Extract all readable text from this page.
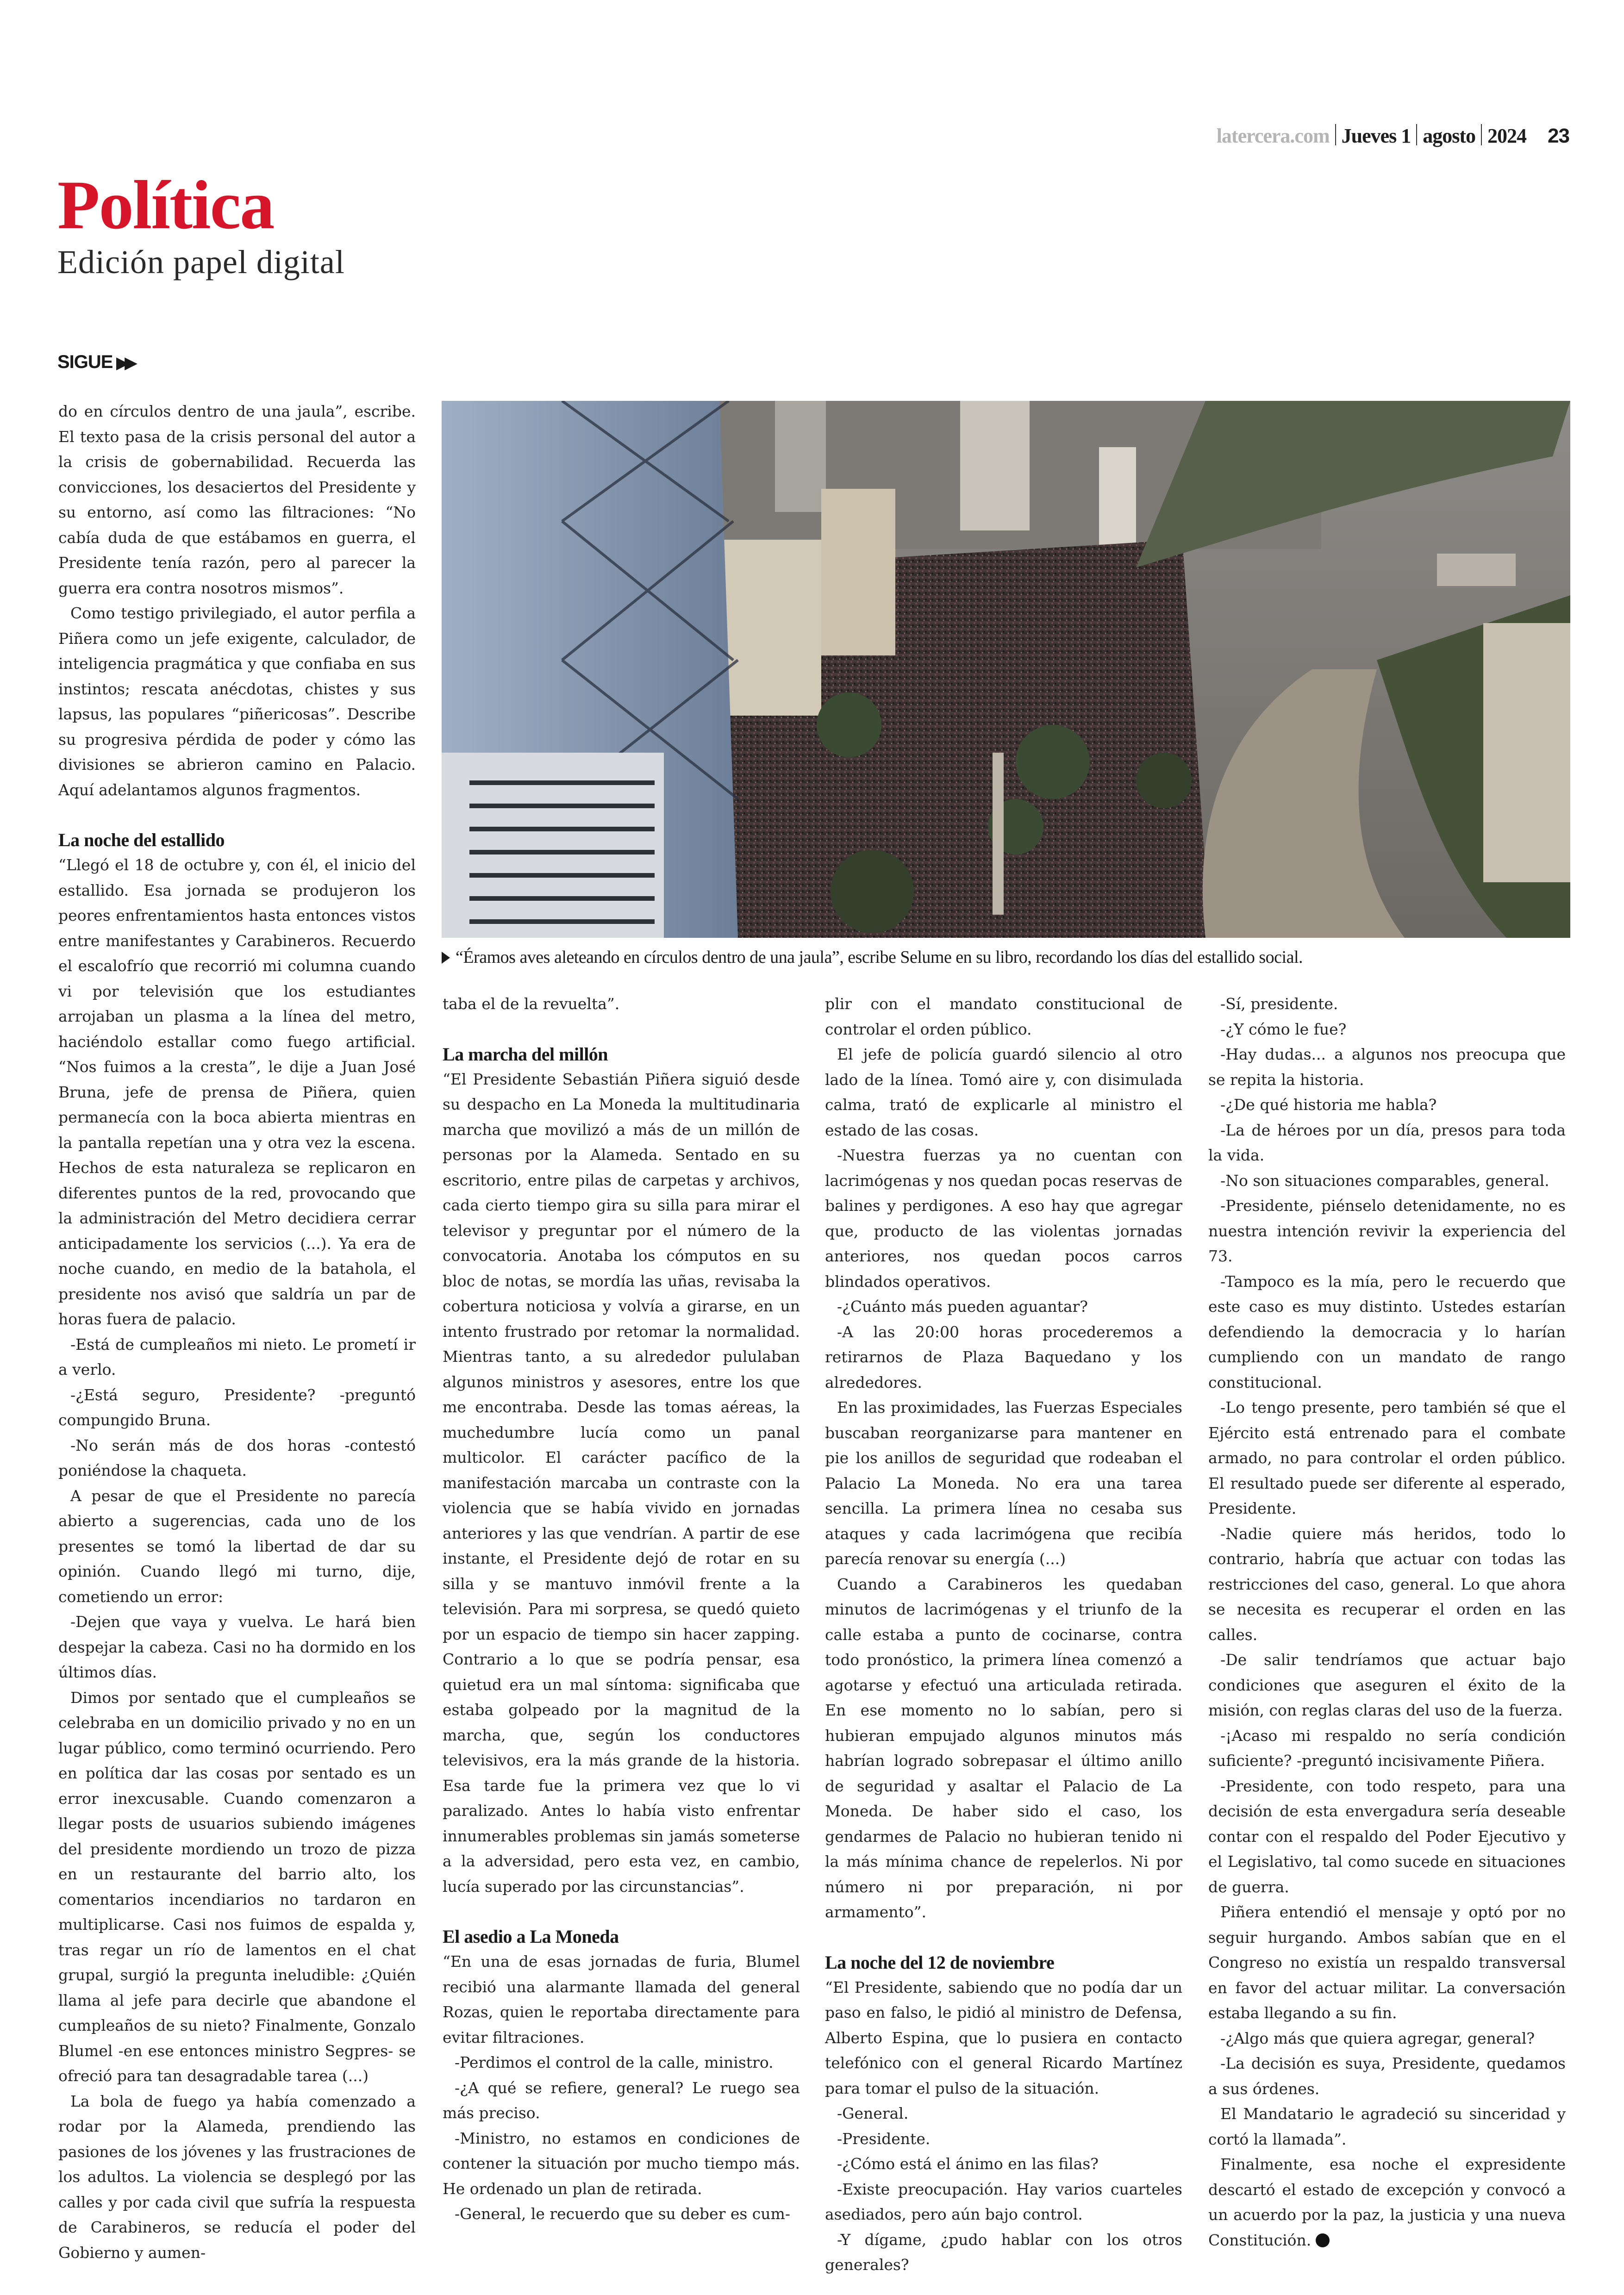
latercera.com Jueves 1 agosto 2024 23
Política
Edición papel digital
SIGUE ▶▶
“Éramos aves aleteando en círculos dentro de una jaula”, escribe Selume en su libro, recordando los días del estallido social.

do en círculos dentro de una jaula”, escribe. El texto pasa de la crisis personal del autor a la crisis de gobernabilidad. Recuerda las convicciones, los desaciertos del Presidente y su entorno, así como las filtraciones: “No cabía duda de que estábamos en guerra, el Presidente tenía razón, pero al parecer la guerra era contra nosotros mismos”.

Como testigo privilegiado, el autor perfila a Piñera como un jefe exigente, calculador, de inteligencia pragmática y que confiaba en sus instintos; rescata anécdotas, chistes y sus lapsus, las populares “piñericosas”. Describe su progresiva pérdida de poder y cómo las divisiones se abrieron camino en Palacio. Aquí adelantamos algunos fragmentos.

La noche del estallido

“Llegó el 18 de octubre y, con él, el inicio del estallido. Esa jornada se produjeron los peores enfrentamientos hasta entonces vistos entre manifestantes y Carabineros. Recuerdo el escalofrío que recorrió mi columna cuando vi por televisión que los estudiantes arrojaban un plasma a la línea del metro, haciéndolo estallar como fuego artificial. “Nos fuimos a la cresta”, le dije a Juan José Bruna, jefe de prensa de Piñera, quien permanecía con la boca abierta mientras en la pantalla repetían una y otra vez la escena. Hechos de esta naturaleza se replicaron en diferentes puntos de la red, provocando que la administración del Metro decidiera cerrar anticipadamente los servicios (...). Ya era de noche cuando, en medio de la batahola, el presidente nos avisó que saldría un par de horas fuera de palacio.

-Está de cumpleaños mi nieto. Le prometí ir a verlo.

-¿Está seguro, Presidente? -preguntó compungido Bruna.

-No serán más de dos horas -contestó poniéndose la chaqueta.

A pesar de que el Presidente no parecía abierto a sugerencias, cada uno de los presentes se tomó la libertad de dar su opinión. Cuando llegó mi turno, dije, cometiendo un error:

-Dejen que vaya y vuelva. Le hará bien despejar la cabeza. Casi no ha dormido en los últimos días.

Dimos por sentado que el cumpleaños se celebraba en un domicilio privado y no en un lugar público, como terminó ocurriendo. Pero en política dar las cosas por sentado es un error inexcusable. Cuando comenzaron a llegar posts de usuarios subiendo imágenes del presidente mordiendo un trozo de pizza en un restaurante del barrio alto, los comentarios incendiarios no tardaron en multiplicarse. Casi nos fuimos de espalda y, tras regar un río de lamentos en el chat grupal, surgió la pregunta ineludible: ¿Quién llama al jefe para decirle que abandone el cumpleaños de su nieto? Finalmente, Gonzalo Blumel -en ese entonces ministro Segpres- se ofreció para tan desagradable tarea (...)

La bola de fuego ya había comenzado a rodar por la Alameda, prendiendo las pasiones de los jóvenes y las frustraciones de los adultos. La violencia se desplegó por las calles y por cada civil que sufría la respuesta de Carabineros, se reducía el poder del Gobierno y aumen-

taba el de la revuelta”.

La marcha del millón

“El Presidente Sebastián Piñera siguió desde su despacho en La Moneda la multitudinaria marcha que movilizó a más de un millón de personas por la Alameda. Sentado en su escritorio, entre pilas de carpetas y archivos, cada cierto tiempo gira su silla para mirar el televisor y preguntar por el número de la convocatoria. Anotaba los cómputos en su bloc de notas, se mordía las uñas, revisaba la cobertura noticiosa y volvía a girarse, en un intento frustrado por retomar la normalidad. Mientras tanto, a su alrededor pululaban algunos ministros y asesores, entre los que me encontraba. Desde las tomas aéreas, la muchedumbre lucía como un panal multicolor. El carácter pacífico de la manifestación marcaba un contraste con la violencia que se había vivido en jornadas anteriores y las que vendrían. A partir de ese instante, el Presidente dejó de rotar en su silla y se mantuvo inmóvil frente a la televisión. Para mi sorpresa, se quedó quieto por un espacio de tiempo sin hacer zapping. Contrario a lo que se podría pensar, esa quietud era un mal síntoma: significaba que estaba golpeado por la magnitud de la marcha, que, según los conductores televisivos, era la más grande de la historia. Esa tarde fue la primera vez que lo vi paralizado. Antes lo había visto enfrentar innumerables problemas sin jamás someterse a la adversidad, pero esta vez, en cambio, lucía superado por las circunstancias”.

El asedio a La Moneda

“En una de esas jornadas de furia, Blumel recibió una alarmante llamada del general Rozas, quien le reportaba directamente para evitar filtraciones.

-Perdimos el control de la calle, ministro.

-¿A qué se refiere, general? Le ruego sea más preciso.

-Ministro, no estamos en condiciones de contener la situación por mucho tiempo más. He ordenado un plan de retirada.

-General, le recuerdo que su deber es cum-

plir con el mandato constitucional de controlar el orden público.

El jefe de policía guardó silencio al otro lado de la línea. Tomó aire y, con disimulada calma, trató de explicarle al ministro el estado de las cosas.

-Nuestra fuerzas ya no cuentan con lacrimógenas y nos quedan pocas reservas de balines y perdigones. A eso hay que agregar que, producto de las violentas jornadas anteriores, nos quedan pocos carros blindados operativos.

-¿Cuánto más pueden aguantar?

-A las 20:00 horas procederemos a retirarnos de Plaza Baquedano y los alrededores.

En las proximidades, las Fuerzas Especiales buscaban reorganizarse para mantener en pie los anillos de seguridad que rodeaban el Palacio La Moneda. No era una tarea sencilla. La primera línea no cesaba sus ataques y cada lacrimógena que recibía parecía renovar su energía (...)

Cuando a Carabineros les quedaban minutos de lacrimógenas y el triunfo de la calle estaba a punto de cocinarse, contra todo pronóstico, la primera línea comenzó a agotarse y efectuó una articulada retirada. En ese momento no lo sabían, pero si hubieran empujado algunos minutos más habrían logrado sobrepasar el último anillo de seguridad y asaltar el Palacio de La Moneda. De haber sido el caso, los gendarmes de Palacio no hubieran tenido ni la más mínima chance de repelerlos. Ni por número ni por preparación, ni por armamento”.

La noche del 12 de noviembre

“El Presidente, sabiendo que no podía dar un paso en falso, le pidió al ministro de Defensa, Alberto Espina, que lo pusiera en contacto telefónico con el general Ricardo Martínez para tomar el pulso de la situación.

-General.

-Presidente.

-¿Cómo está el ánimo en las filas?

-Existe preocupación. Hay varios cuarteles asediados, pero aún bajo control.

-Y dígame, ¿pudo hablar con los otros generales?

-Sí, presidente.

-¿Y cómo le fue?

-Hay dudas... a algunos nos preocupa que se repita la historia.

-¿De qué historia me habla?

-La de héroes por un día, presos para toda la vida.

-No son situaciones comparables, general.

-Presidente, piénselo detenidamente, no es nuestra intención revivir la experiencia del 73.

-Tampoco es la mía, pero le recuerdo que este caso es muy distinto. Ustedes estarían defendiendo la democracia y lo harían cumpliendo con un mandato de rango constitucional.

-Lo tengo presente, pero también sé que el Ejército está entrenado para el combate armado, no para controlar el orden público. El resultado puede ser diferente al esperado, Presidente.

-Nadie quiere más heridos, todo lo contrario, habría que actuar con todas las restricciones del caso, general. Lo que ahora se necesita es recuperar el orden en las calles.

-De salir tendríamos que actuar bajo condiciones que aseguren el éxito de la misión, con reglas claras del uso de la fuerza.

-¡Acaso mi respaldo no sería condición suficiente? -preguntó incisivamente Piñera.

-Presidente, con todo respeto, para una decisión de esta envergadura sería deseable contar con el respaldo del Poder Ejecutivo y el Legislativo, tal como sucede en situaciones de guerra.

Piñera entendió el mensaje y optó por no seguir hurgando. Ambos sabían que en el Congreso no existía un respaldo transversal en favor del actuar militar. La conversación estaba llegando a su fin.

-¿Algo más que quiera agregar, general?

-La decisión es suya, Presidente, quedamos a sus órdenes.

El Mandatario le agradeció su sinceridad y cortó la llamada”.

Finalmente, esa noche el expresidente descartó el estado de excepción y convocó a un acuerdo por la paz, la justicia y una nueva Constitución.
